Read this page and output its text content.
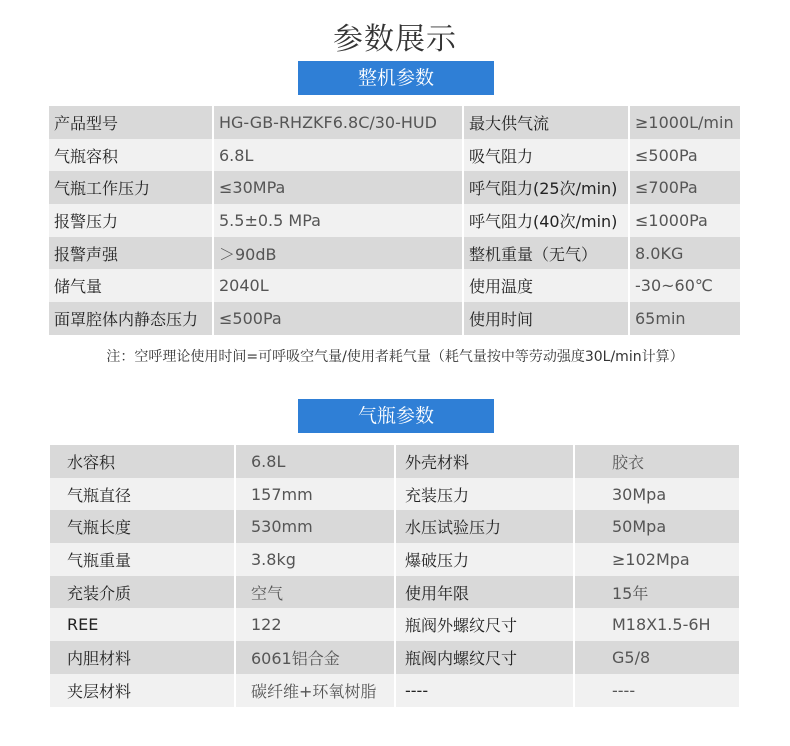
参数展示
整机参数
产品型号	HG-GB-RHZKF6.8C/30-HUD	最大供气流	≥1000L/min
气瓶容积	6.8L	吸气阻力	≤500Pa
气瓶工作压力	≤30MPa	呼气阻力(25次/min)	≤700Pa
报警压力	5.5±0.5 MPa	呼气阻力(40次/min)	≤1000Pa
报警声强	＞90dB	整机重量（无气）	8.0KG
储气量	2040L	使用温度	-30~60℃
面罩腔体内静态压力	≤500Pa	使用时间	65min
注：空呼理论使用时间=可呼吸空气量/使用者耗气量（耗气量按中等劳动强度30L/min计算）
气瓶参数
水容积	6.8L	外壳材料	胶衣
气瓶直径	157mm	充装压力	30Mpa
气瓶长度	530mm	水压试验压力	50Mpa
气瓶重量	3.8kg	爆破压力	≥102Mpa
充装介质	空气	使用年限	15年
REE	122	瓶阀外螺纹尺寸	M18X1.5-6H
内胆材料	6061铝合金	瓶阀内螺纹尺寸	G5/8
夹层材料	碳纤维+环氧树脂	----	----
